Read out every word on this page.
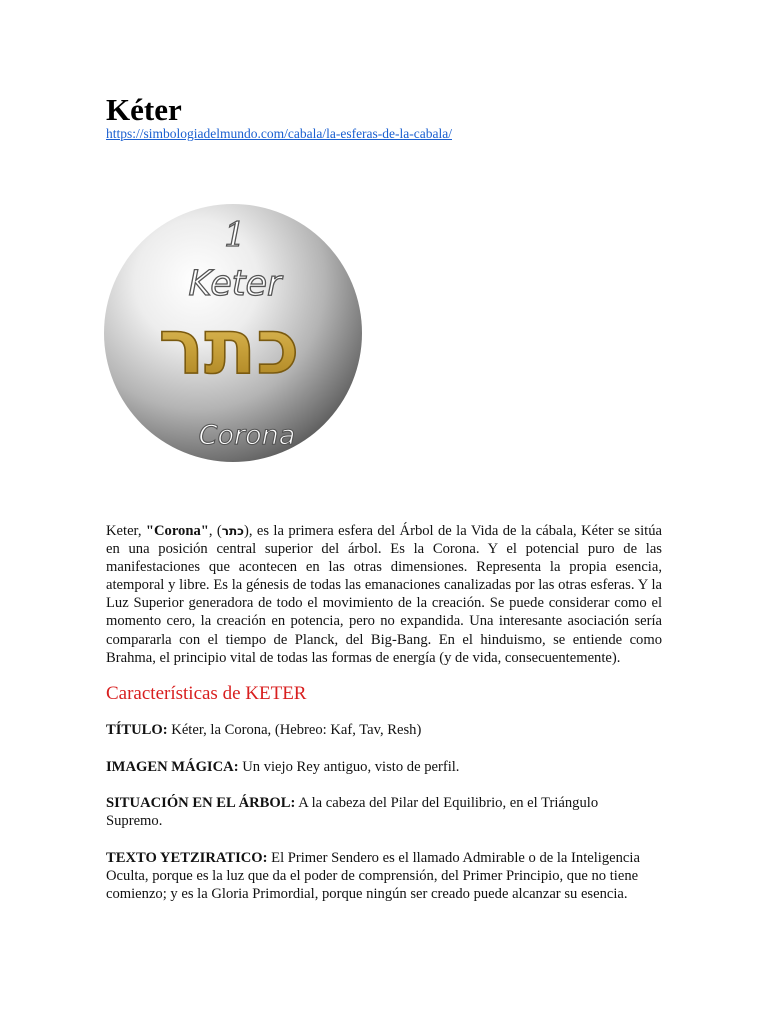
Kéter
https://simbologiadelmundo.com/cabala/la-esferas-de-la-cabala/
1
Keter
כתר
Corona

Keter, "Corona", (כתר), es la primera esfera del Árbol de la Vida de la cábala, Kéter se sitúa en una posición central superior del árbol. Es la Corona. Y el potencial puro de las manifestaciones que acontecen en las otras dimensiones. Representa la propia esencia, atemporal y libre. Es la génesis de todas las emanaciones canalizadas por las otras esferas. Y la Luz Superior generadora de todo el movimiento de la creación. Se puede considerar como el momento cero, la creación en potencia, pero no expandida. Una interesante asociación sería compararla con el tiempo de Planck, del Big-Bang. En el hinduismo, se entiende como Brahma, el principio vital de todas las formas de energía (y de vida, consecuentemente).

Características de KETER

TÍTULO: Kéter, la Corona, (Hebreo: Kaf, Tav, Resh)

IMAGEN MÁGICA: Un viejo Rey antiguo, visto de perfil.

SITUACIÓN EN EL ÁRBOL: A la cabeza del Pilar del Equilibrio, en el Triángulo Supremo.

TEXTO YETZIRATICO: El Primer Sendero es el llamado Admirable o de la Inteligencia Oculta, porque es la luz que da el poder de comprensión, del Primer Principio, que no tiene comienzo; y es la Gloria Primordial, porque ningún ser creado puede alcanzar su esencia.
